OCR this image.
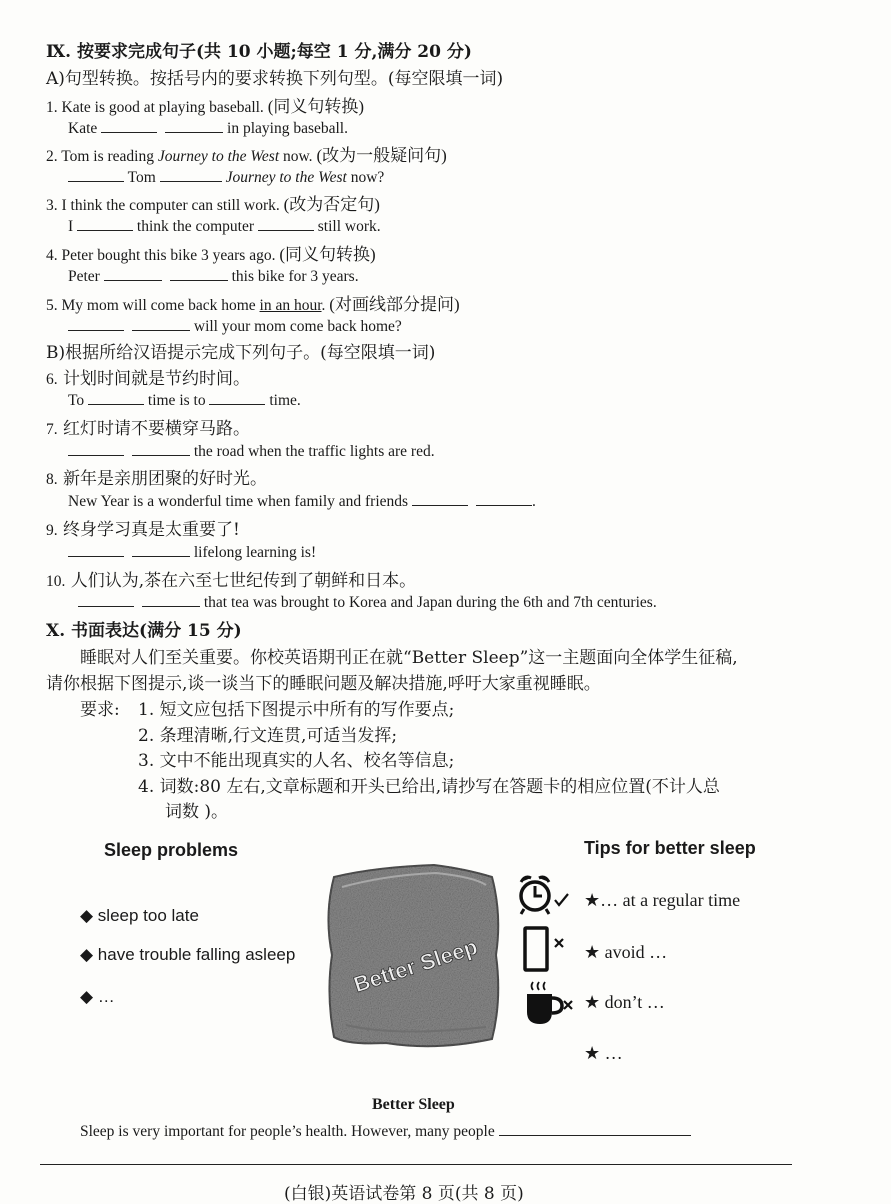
Ⅸ. 按要求完成句子(共 10 小题;每空 1 分,满分 20 分)
A)句型转换。按括号内的要求转换下列句型。(每空限填一词)
1. Kate is good at playing baseball. (同义句转换)
Kate	in playing baseball.
2. Tom is reading Journey to the West now. (改为一般疑问句)
Tom	Journey to the West now?
3. I think the computer can still work. (改为否定句)
I	think the computer	still work.
4. Peter bought this bike 3 years ago. (同义句转换)
Peter	this bike for 3 years.
5. My mom will come back home in an hour. (对画线部分提问)
will your mom come back home?
B)根据所给汉语提示完成下列句子。(每空限填一词)
6. 计划时间就是节约时间。
To	time is to	time.
7. 红灯时请不要横穿马路。
the road when the traffic lights are red.
8. 新年是亲朋团聚的好时光。
New Year is a wonderful time when family and friends	.
9. 终身学习真是太重要了!
lifelong learning is!
10. 人们认为,茶在六至七世纪传到了朝鲜和日本。
that tea was brought to Korea and Japan during the 6th and 7th centuries.
Ⅹ. 书面表达(满分 15 分)
睡眠对人们至关重要。你校英语期刊正在就“Better Sleep”这一主题面向全体学生征稿,
请你根据下图提示,谈一谈当下的睡眠问题及解决措施,呼吁大家重视睡眠。
要求: 1. 短文应包括下图提示中所有的写作要点;
2. 条理清晰,行文连贯,可适当发挥;
3. 文中不能出现真实的人名、校名等信息;
4. 词数:80 左右,文章标题和开头已给出,请抄写在答题卡的相应位置(不计人总
词数 )。
Sleep problems
◆ sleep too late
◆ have trouble falling asleep
◆ …	Better Sleep
Tips for better sleep
★… at a regular time
★ avoid …
★ don’t …
★ …
Better Sleep
Sleep is very important for people’s health. However, many people
(白银)英语试卷第 8 页(共 8 页)
